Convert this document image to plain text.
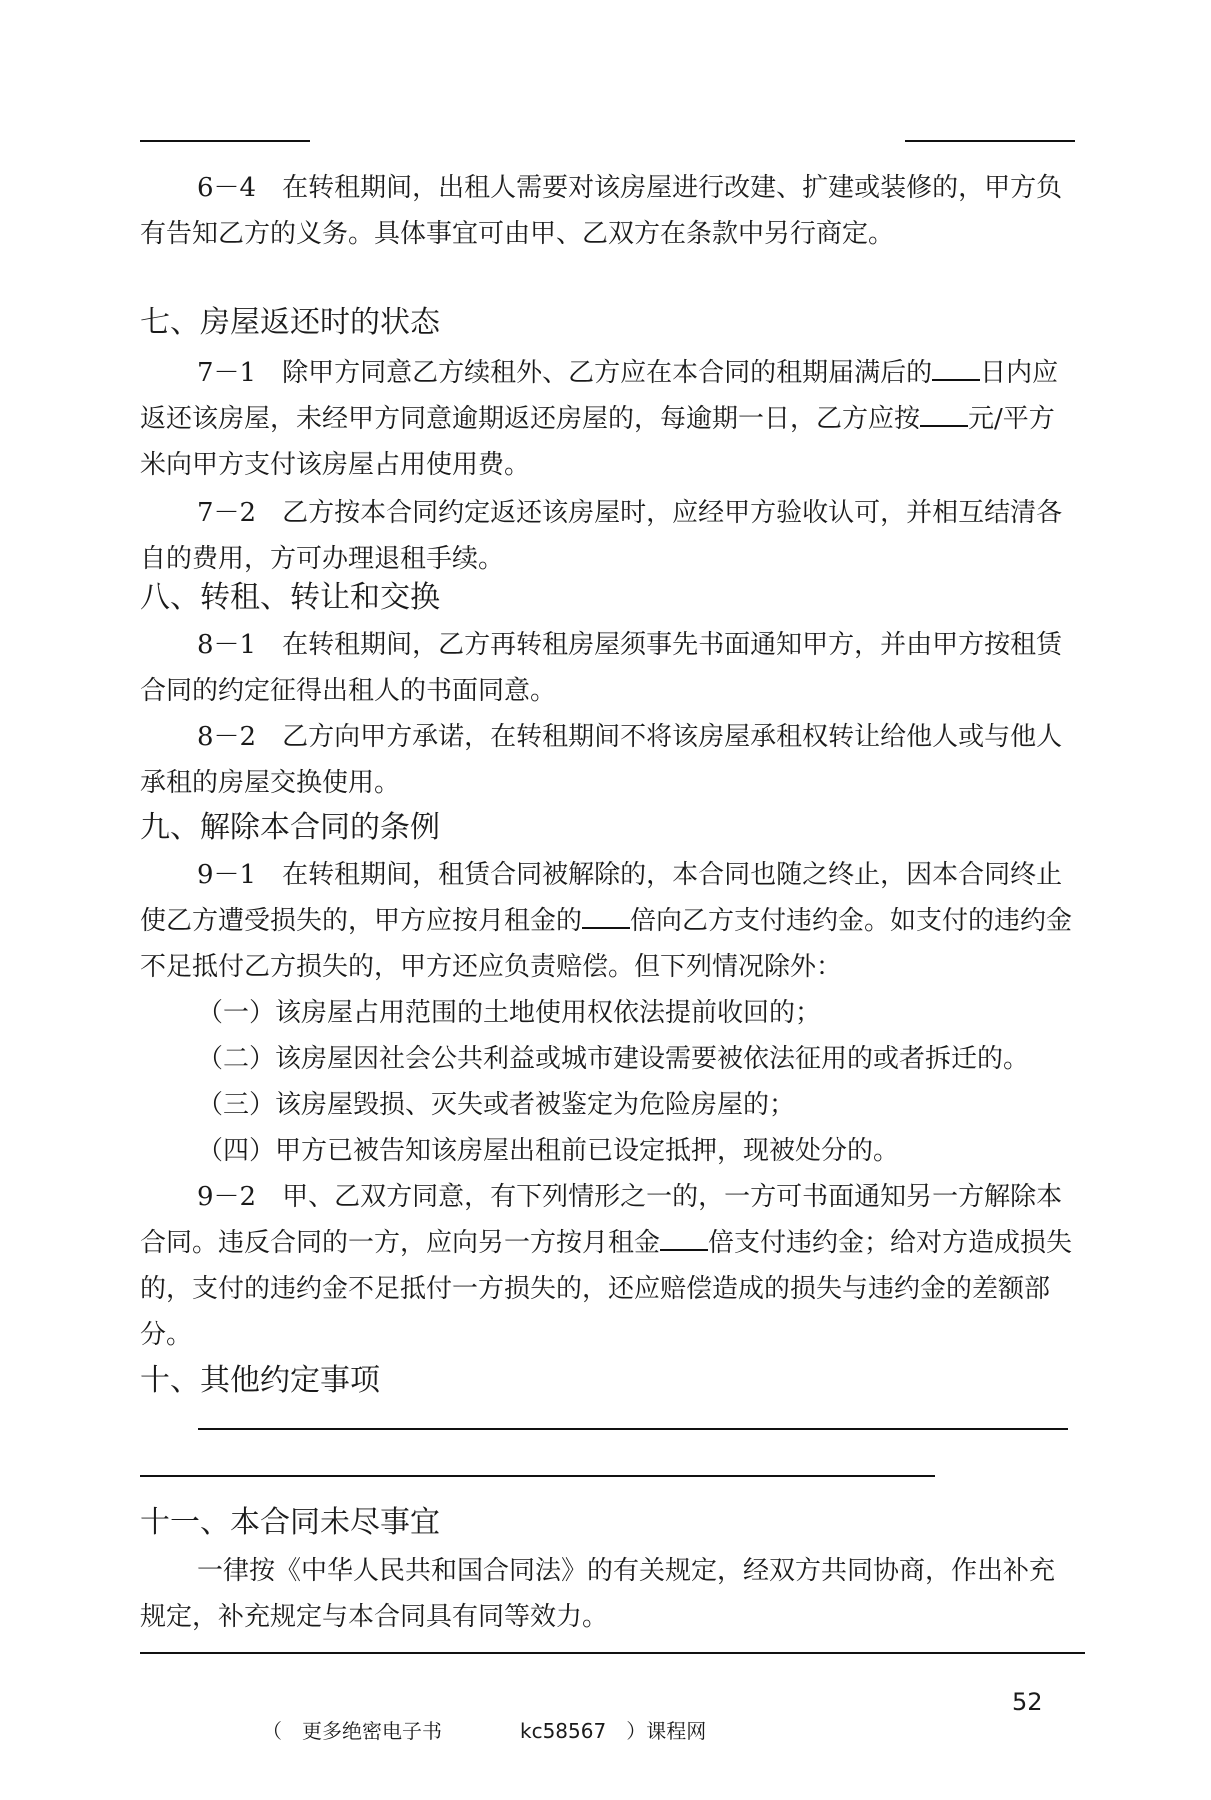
6－4　在转租期间，出租人需要对该房屋进行改建、扩建或装修的，甲方负有告知乙方的义务。具体事宜可由甲、乙双方在条款中另行商定。
七、房屋返还时的状态
7－1　除甲方同意乙方续租外、乙方应在本合同的租期届满后的 日内应返还该房屋，未经甲方同意逾期返还房屋的，每逾期一日，乙方应按 元/平方米向甲方支付该房屋占用使用费。
7－2　乙方按本合同约定返还该房屋时，应经甲方验收认可，并相互结清各自的费用，方可办理退租手续。
八、转租、转让和交换
8－1　在转租期间，乙方再转租房屋须事先书面通知甲方，并由甲方按租赁合同的约定征得出租人的书面同意。
8－2　乙方向甲方承诺，在转租期间不将该房屋承租权转让给他人或与他人承租的房屋交换使用。
九、解除本合同的条例
9－1　在转租期间，租赁合同被解除的，本合同也随之终止，因本合同终止使乙方遭受损失的，甲方应按月租金的 倍向乙方支付违约金。如支付的违约金不足抵付乙方损失的，甲方还应负责赔偿。但下列情况除外：
（一）该房屋占用范围的土地使用权依法提前收回的；
（二）该房屋因社会公共利益或城市建设需要被依法征用的或者拆迁的。
（三）该房屋毁损、灭失或者被鉴定为危险房屋的；
（四）甲方已被告知该房屋出租前已设定抵押，现被处分的。
9－2　甲、乙双方同意，有下列情形之一的，一方可书面通知另一方解除本合同。违反合同的一方，应向另一方按月租金 倍支付违约金；给对方造成损失的，支付的违约金不足抵付一方损失的，还应赔偿造成的损失与违约金的差额部分。
十、其他约定事项
十一、本合同未尽事宜
一律按《中华人民共和国合同法》的有关规定，经双方共同协商，作出补充规定，补充规定与本合同具有同等效力。
52
（　更多绝密电子书	kc58567　）课程网
